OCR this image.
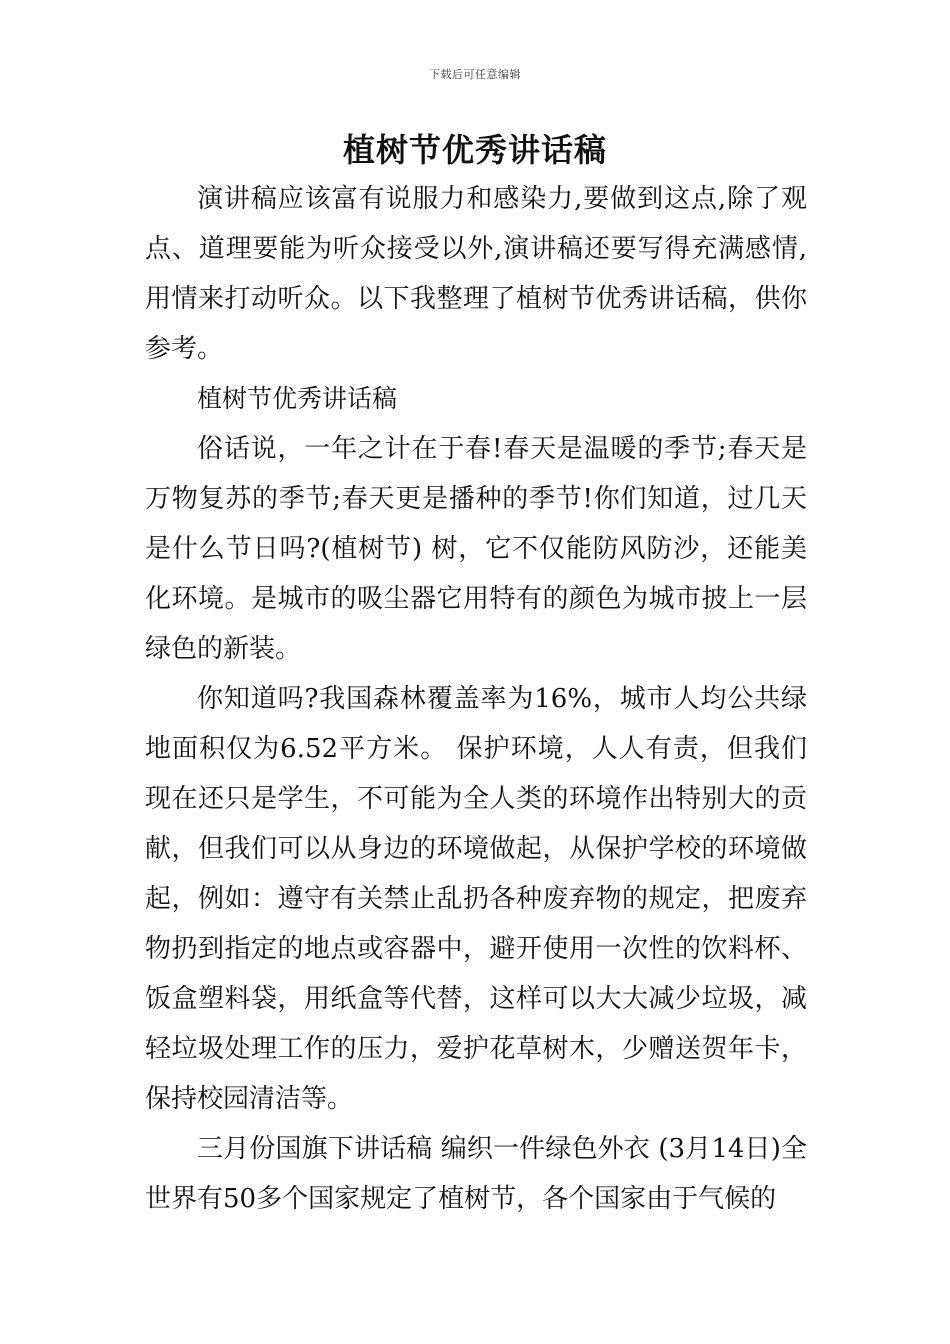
下载后可任意编辑
植树节优秀讲话稿

演讲稿应该富有说服力和感染力,要做到这点,除了观点、道理要能为听众接受以外,演讲稿还要写得充满感情,用情来打动听众。以下我整理了植树节优秀讲话稿，供你参考。

植树节优秀讲话稿

俗话说，一年之计在于春!春天是温暖的季节;春天是万物复苏的季节;春天更是播种的季节!你们知道，过几天是什么节日吗?(植树节) 树，它不仅能防风防沙，还能美化环境。是城市的吸尘器它用特有的颜色为城市披上一层绿色的新装。

你知道吗?我国森林覆盖率为16%，城市人均公共绿地面积仅为6.52平方米。 保护环境，人人有责，但我们现在还只是学生，不可能为全人类的环境作出特别大的贡献，但我们可以从身边的环境做起，从保护学校的环境做起，例如：遵守有关禁止乱扔各种废弃物的规定，把废弃物扔到指定的地点或容器中，避开使用一次性的饮料杯、饭盒塑料袋，用纸盒等代替，这样可以大大减少垃圾，减轻垃圾处理工作的压力，爱护花草树木，少赠送贺年卡，保持校园清洁等。

三月份国旗下讲话稿 编织一件绿色外衣 (3月14日)全世界有50多个国家规定了植树节，各个国家由于气候的
